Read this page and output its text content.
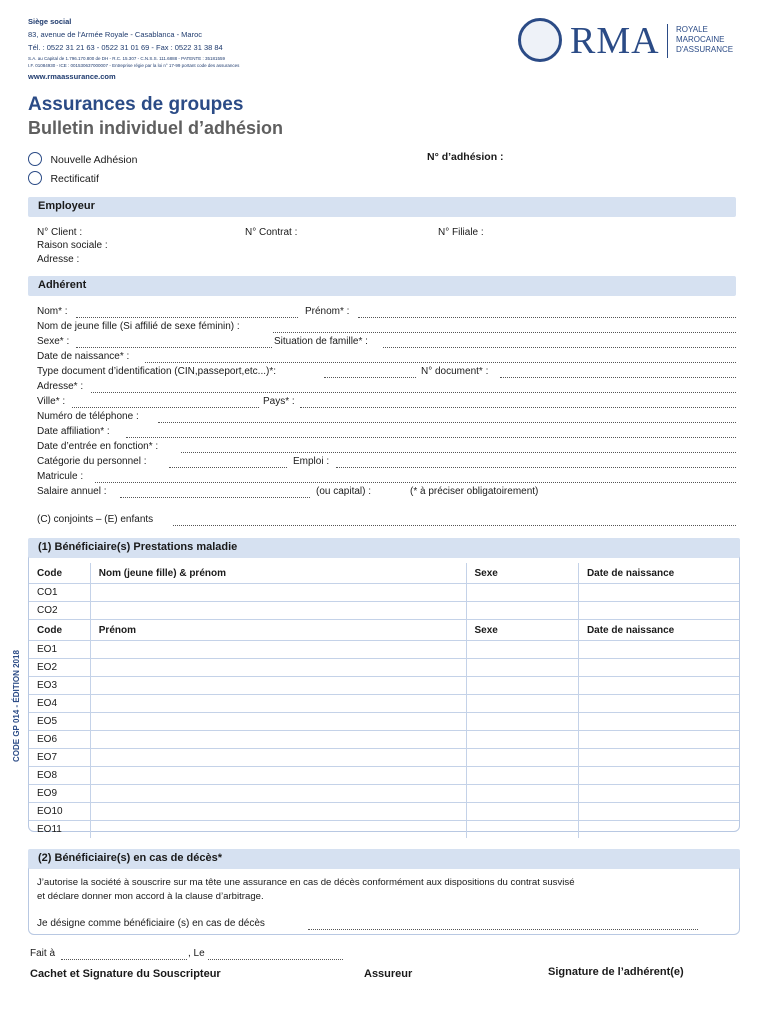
Siège social
83, avenue de l'Armée Royale - Casablanca - Maroc
Tél. : 0522 31 21 63 - 0522 31 01 69 - Fax : 0522 31 38 84
S.A. au Capital de 1.796.170.800 de DH - R.C. 15.307 - C.N.S.S. 111.6888 - PATENTE : 35181559
I.F. 01084930 - ICE : 001530637000007 - Entreprise régie par la loi n° 17-99 portant code des assurances
www.rmaassurance.com
RMA ROYALE
MAROCAINE
D'ASSURANCE
Assurances de groupes
Bulletin individuel d’adhésion
Nouvelle Adhésion
Rectificatif
N° d’adhésion :
Employeur
N° Client :	N° Contrat :	N° Filiale :
Raison sociale :
Adresse :
Adhérent
Nom* :	Prénom* :
Nom de jeune fille (Si affilié de sexe féminin) :
Sexe* :	Situation de famille* :
Date de naissance* :
Type document d’identification (CIN,passeport,etc...)*:	N° document* :
Adresse* :
Ville* :	Pays* :
Numéro de téléphone :
Date affiliation* :
Date d’entrée en fonction* :
Catégorie du personnel :	Emploi :
Matricule :
Salaire annuel :	(ou capital) :	(* à préciser obligatoirement)
(C) conjoints – (E) enfants
(1) Bénéficiaire(s) Prestations maladie
Code	Nom (jeune fille) & prénom	Sexe	Date de naissance
CO1			
CO2			
Code	Prénom	Sexe	Date de naissance
EO1			
EO2			
EO3			
EO4			
EO5			
EO6			
EO7			
EO8			
EO9			
EO10			
EO11			
CODE GP 014 - ÉDITION 2018
(2) Bénéficiaire(s) en cas de décès*
J’autorise la société à souscrire sur ma tête une assurance en cas de décès conformément aux dispositions du contrat susvisé
et déclare donner mon accord à la clause d’arbitrage.
Je désigne comme bénéficiaire (s) en cas de décès
Fait à	, Le
Cachet et Signature du Souscripteur	Assureur	Signature de l’adhérent(e)
